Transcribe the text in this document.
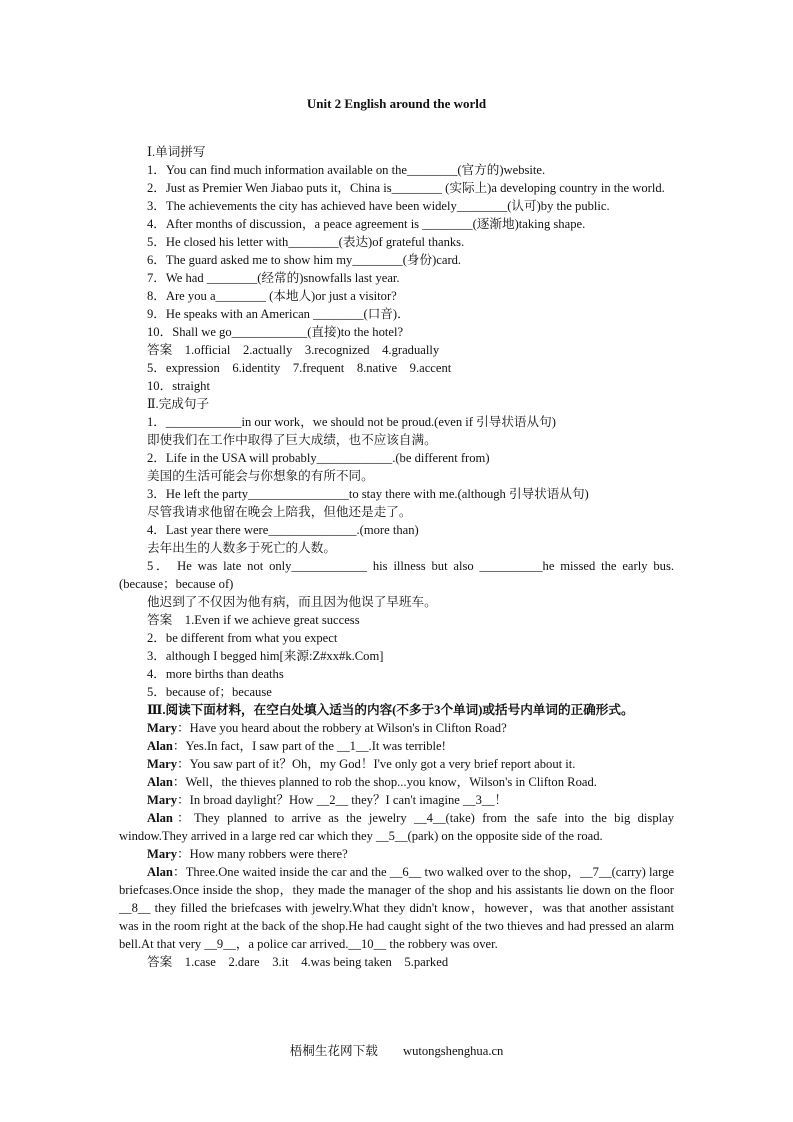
Unit 2 English around the world

Ⅰ.单词拼写

1．You can find much information available on the________(官方的)website.

2．Just as Premier Wen Jiabao puts it，China is________ (实际上)a developing country in the world.

3．The achievements the city has achieved have been widely________(认可)by the public.

4．After months of discussion，a peace agreement is ________(逐渐地)taking shape.

5．He closed his letter with________(表达)of grateful thanks.

6．The guard asked me to show him my________(身份)card.

7．We had ________(经常的)snowfalls last year.

8．Are you a________ (本地人)or just a visitor?

9．He speaks with an American ________(口音)．

10．Shall we go____________(直接)to the hotel?

答案　1.official　2.actually　3.recognized　4.gradually

5．expression　6.identity　7.frequent　8.native　9.accent

10．straight

Ⅱ.完成句子

1．____________in our work，we should not be proud.(even if 引导状语从句)

即使我们在工作中取得了巨大成绩，也不应该自满。

2．Life in the USA will probably____________.(be different from)

美国的生活可能会与你想象的有所不同。

3．He left the party________________to stay there with me.(although 引导状语从句)

尽管我请求他留在晚会上陪我，但他还是走了。

4．Last year there were______________.(more than)

去年出生的人数多于死亡的人数。

5． He was late not only____________ his illness but also __________he missed the early bus.(because；because of)

他迟到了不仅因为他有病，而且因为他误了早班车。

答案　1.Even if we achieve great success

2．be different from what you expect

3．although I begged him[来源:Z#xx#k.Com]

4．more births than deaths

5．because of；because

Ⅲ.阅读下面材料，在空白处填入适当的内容(不多于3个单词)或括号内单词的正确形式。

Mary：Have you heard about the robbery at Wilson's in Clifton Road?

Alan：Yes.In fact，I saw part of the __1__.It was terrible!

Mary：You saw part of it？Oh，my God！I've only got a very brief report about it.

Alan：Well，the thieves planned to rob the shop...you know，Wilson's in Clifton Road.

Mary：In broad daylight？How __2__ they？I can't imagine __3__！

Alan：They planned to arrive as the jewelry __4__(take) from the safe into the big display window.They arrived in a large red car which they __5__(park) on the opposite side of the road.

Mary：How many robbers were there?

Alan：Three.One waited inside the car and the __6__ two walked over to the shop，__7__(carry) large briefcases.Once inside the shop，they made the manager of the shop and his assistants lie down on the floor __8__ they filled the briefcases with jewelry.What they didn't know，however，was that another assistant was in the room right at the back of the shop.He had caught sight of the two thieves and had pressed an alarm bell.At that very __9__，a police car arrived.__10__ the robbery was over.

答案　1.case　2.dare　3.it　4.was being taken　5.parked

梧桐生花网下载        wutongshenghua.cn
